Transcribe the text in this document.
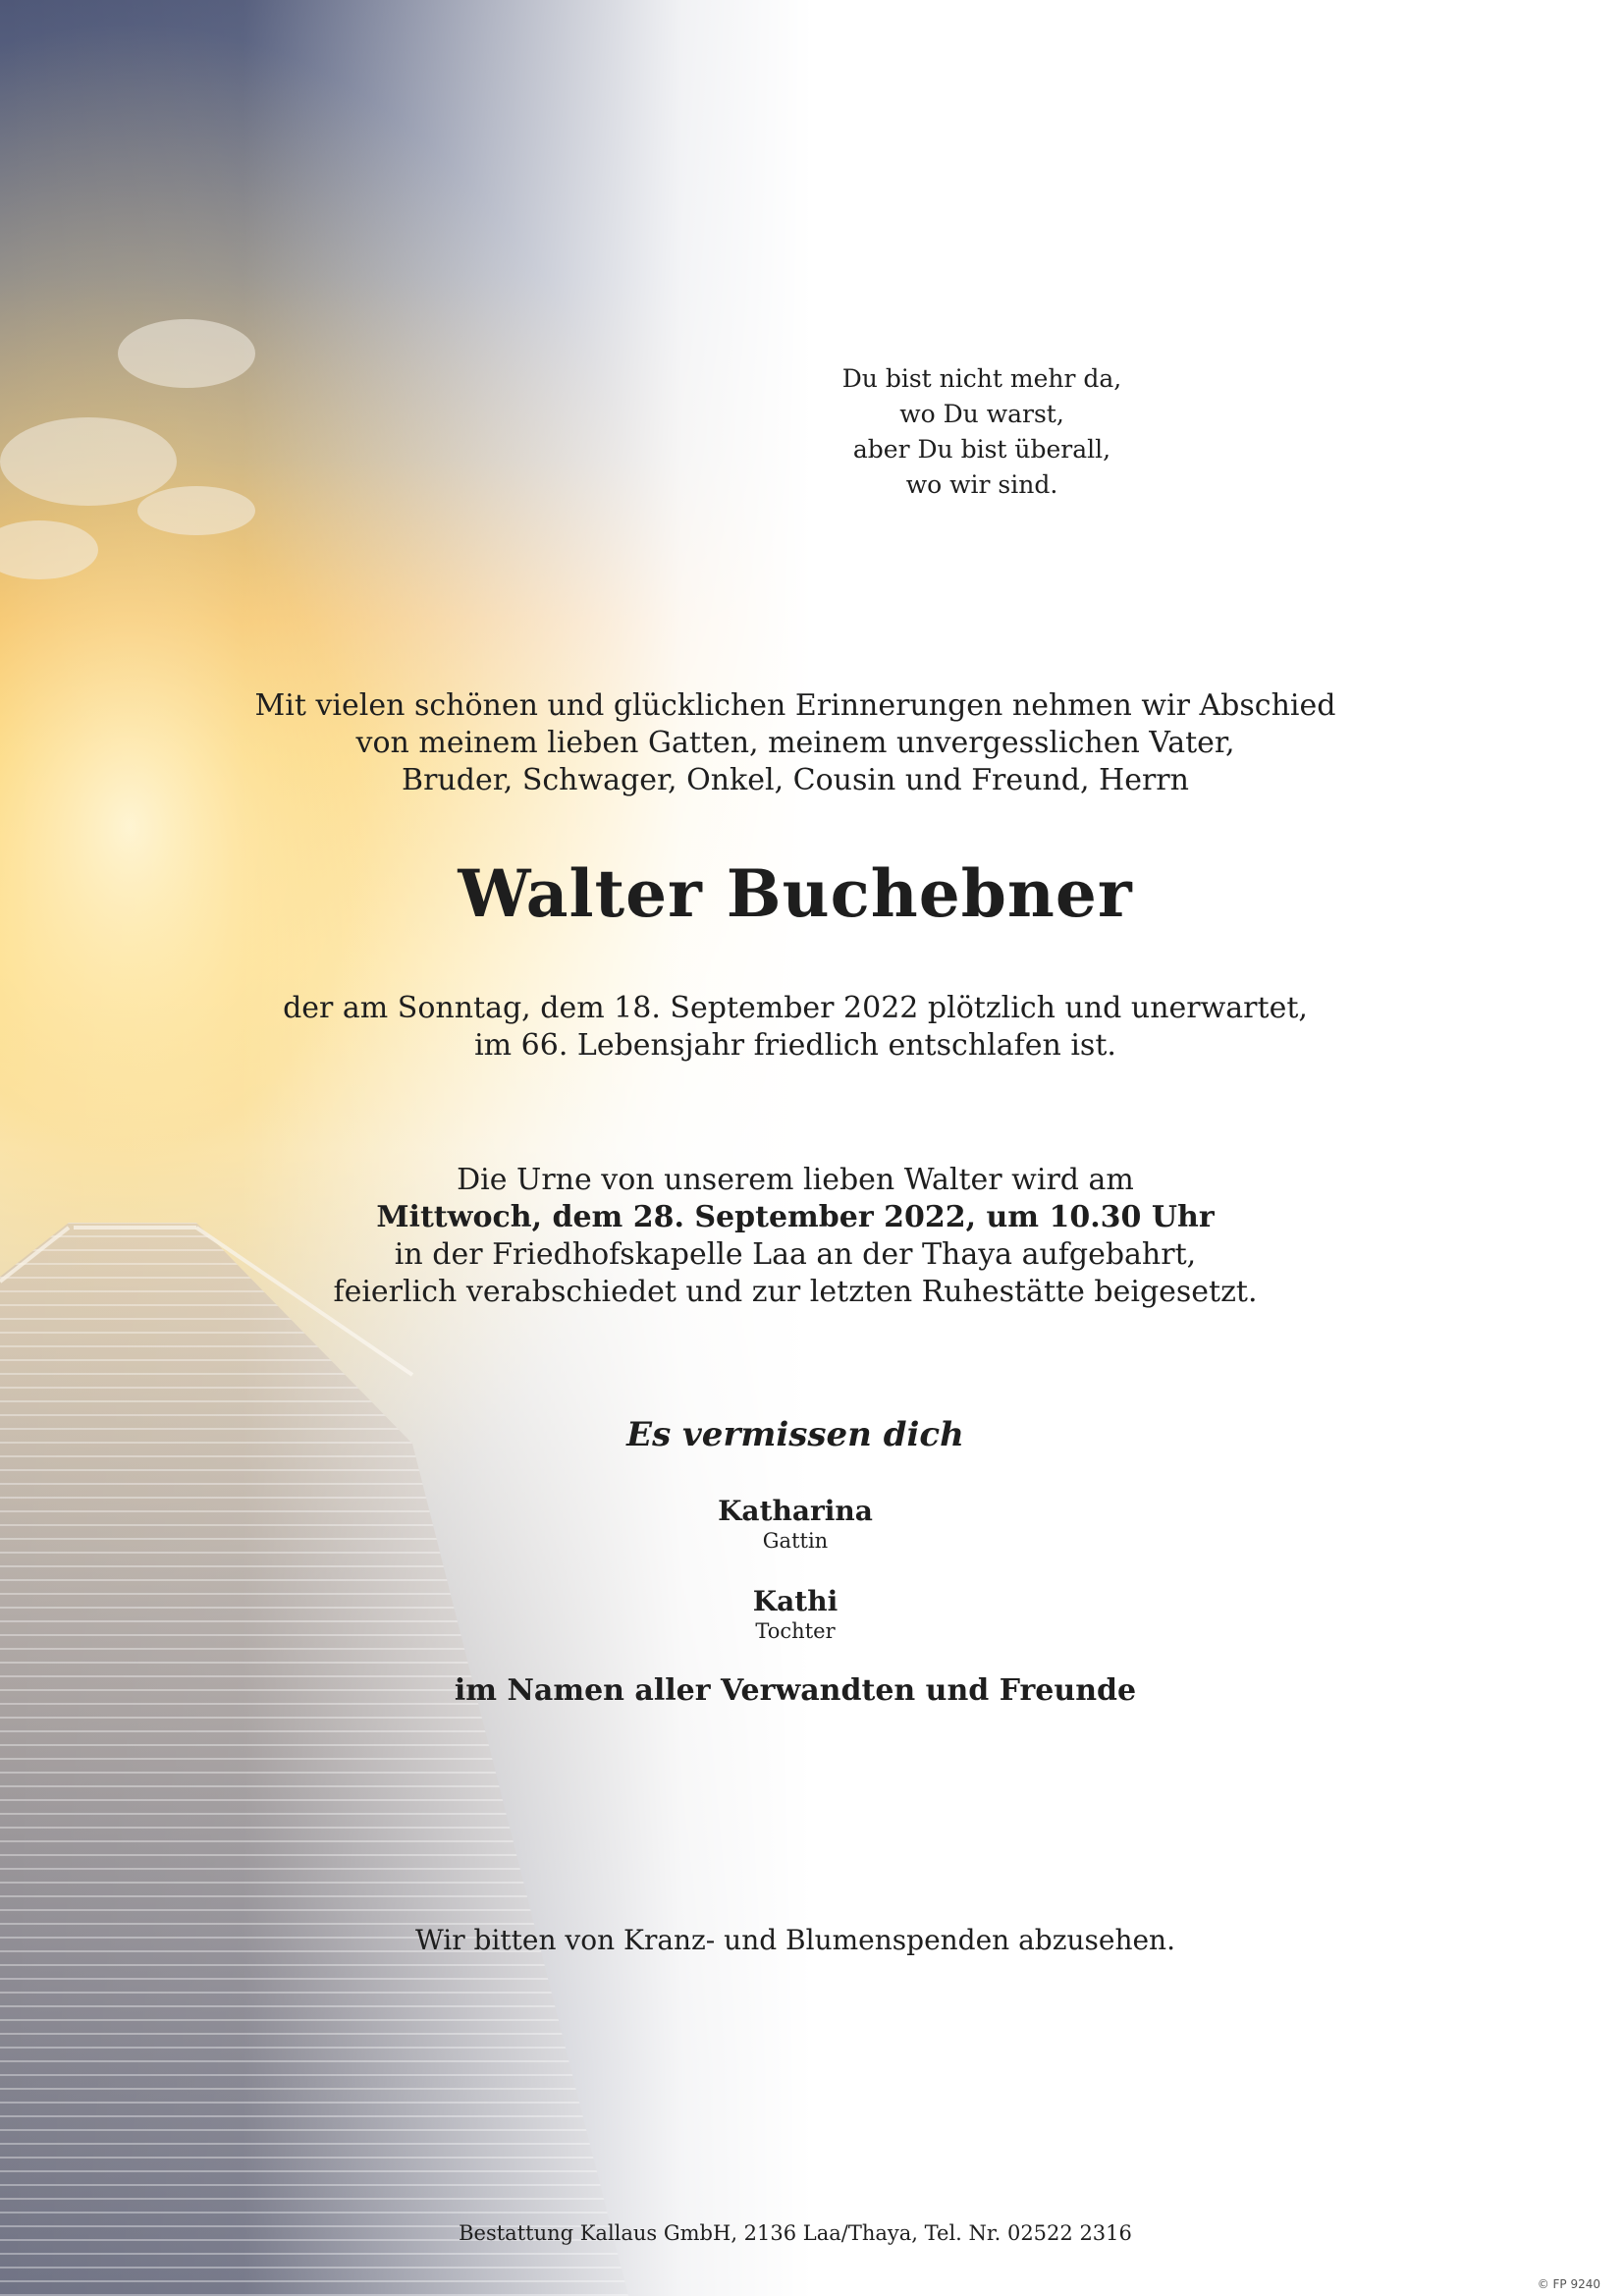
Du bist nicht mehr da,
wo Du warst,
aber Du bist überall,
wo wir sind.
Mit vielen schönen und glücklichen Erinnerungen nehmen wir Abschied
von meinem lieben Gatten, meinem unvergesslichen Vater,
Bruder, Schwager, Onkel, Cousin und Freund, Herrn
Walter Buchebner
der am Sonntag, dem 18. September 2022 plötzlich und unerwartet,
im 66. Lebensjahr friedlich entschlafen ist.
Die Urne von unserem lieben Walter wird am
Mittwoch, dem 28. September 2022, um 10.30 Uhr
in der Friedhofskapelle Laa an der Thaya aufgebahrt,
feierlich verabschiedet und zur letzten Ruhestätte beigesetzt.
Es vermissen dich
Katharina
Gattin
Kathi
Tochter
im Namen aller Verwandten und Freunde
Wir bitten von Kranz- und Blumenspenden abzusehen.
Bestattung Kallaus GmbH, 2136 Laa/Thaya, Tel. Nr. 02522 2316
© FP 9240
